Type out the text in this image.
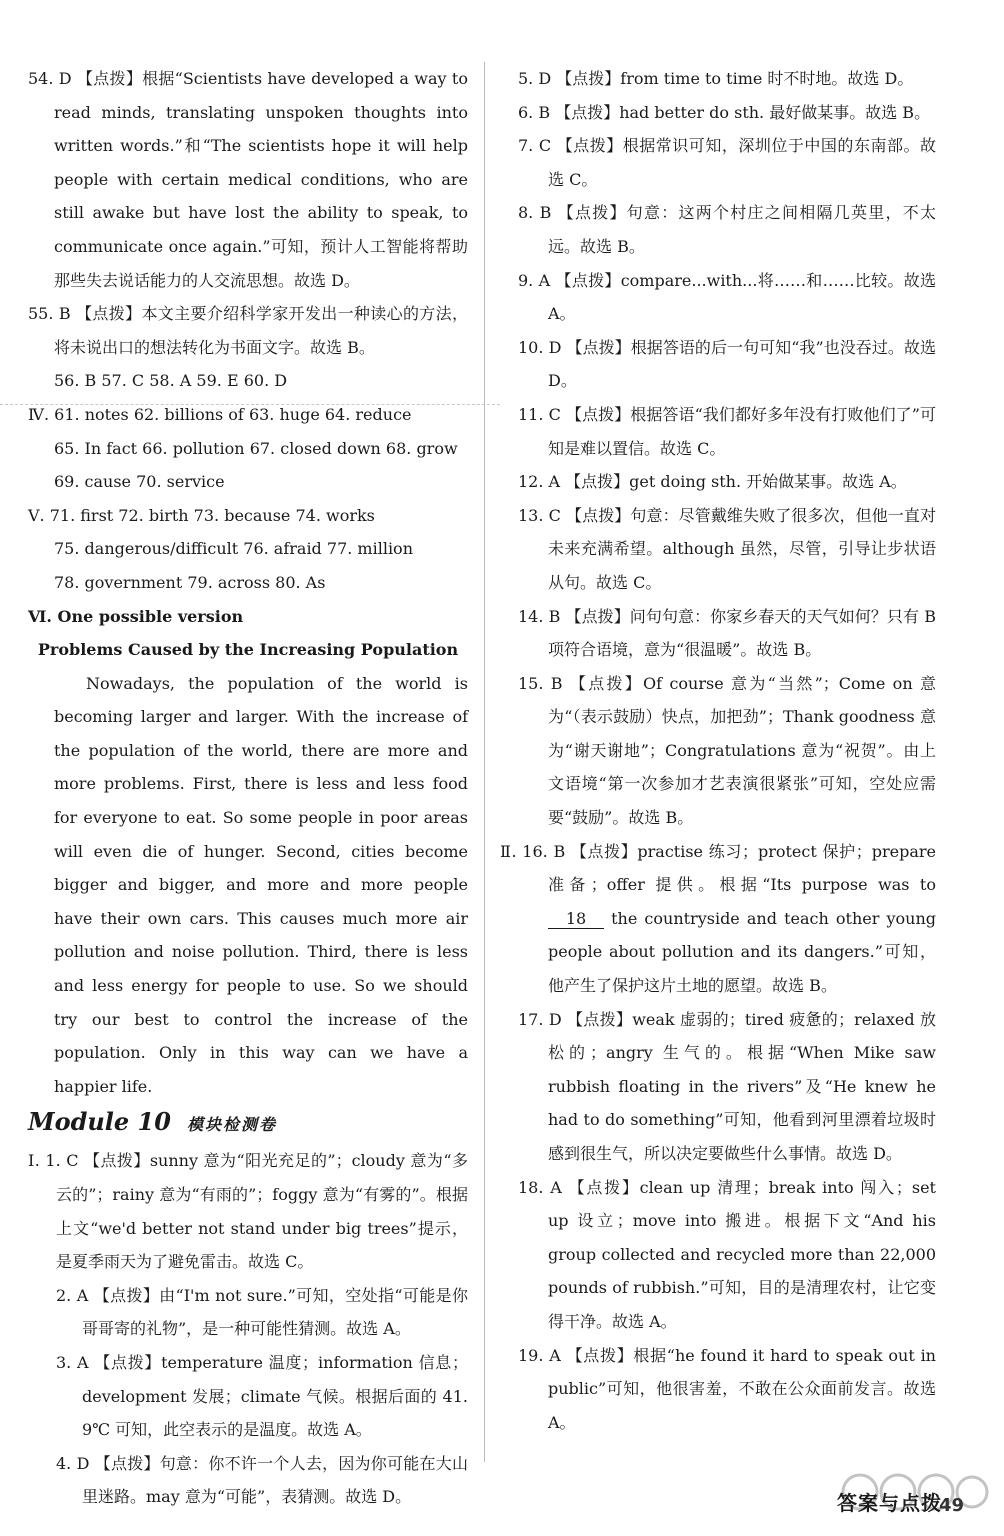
54. D 【点拨】根据“Scientists have developed a way to read minds, translating unspoken thoughts into written words.”和“The scientists hope it will help people with certain medical conditions, who are still awake but have lost the ability to speak, to communicate once again.”可知，预计人工智能将帮助那些失去说话能力的人交流思想。故选 D。

55. B 【点拨】本文主要介绍科学家开发出一种读心的方法，将未说出口的想法转化为书面文字。故选 B。

56. B 57. C 58. A 59. E 60. D

Ⅳ. 61. notes 62. billions of 63. huge 64. reduce

65. In fact 66. pollution 67. closed down 68. grow

69. cause 70. service

Ⅴ. 71. first 72. birth 73. because 74. works

75. dangerous/difficult 76. afraid 77. million

78. government 79. across 80. As

Ⅵ. One possible version

Problems Caused by the Increasing Population

Nowadays, the population of the world is becoming larger and larger. With the increase of the population of the world, there are more and more problems. First, there is less and less food for everyone to eat. So some people in poor areas will even die of hunger. Second, cities become bigger and bigger, and more and more people have their own cars. This causes much more air pollution and noise pollution. Third, there is less and less energy for people to use. So we should try our best to control the increase of the population. Only in this way can we have a happier life.

Module 10 模块检测卷

Ⅰ. 1. C 【点拨】sunny 意为“阳光充足的”；cloudy 意为“多云的”；rainy 意为“有雨的”；foggy 意为“有雾的”。根据上文“we'd better not stand under big trees”提示，是夏季雨天为了避免雷击。故选 C。

2. A 【点拨】由“I'm not sure.”可知，空处指“可能是你哥哥寄的礼物”，是一种可能性猜测。故选 A。

3. A 【点拨】temperature 温度；information 信息；development 发展；climate 气候。根据后面的 41. 9℃ 可知，此空表示的是温度。故选 A。

4. D 【点拨】句意：你不许一个人去，因为你可能在大山里迷路。may 意为“可能”，表猜测。故选 D。

5. D 【点拨】from time to time 时不时地。故选 D。

6. B 【点拨】had better do sth. 最好做某事。故选 B。

7. C 【点拨】根据常识可知，深圳位于中国的东南部。故选 C。

8. B 【点拨】句意：这两个村庄之间相隔几英里，不太远。故选 B。

9. A 【点拨】compare...with...将……和……比较。故选 A。

10. D 【点拨】根据答语的后一句可知“我”也没吞过。故选 D。

11. C 【点拨】根据答语“我们都好多年没有打败他们了”可知是难以置信。故选 C。

12. A 【点拨】get doing sth. 开始做某事。故选 A。

13. C 【点拨】句意：尽管戴维失败了很多次，但他一直对未来充满希望。although 虽然，尽管，引导让步状语从句。故选 C。

14. B 【点拨】问句句意：你家乡春天的天气如何？只有 B 项符合语境，意为“很温暖”。故选 B。

15. B 【点拨】Of course 意为“当然”；Come on 意为“（表示鼓励）快点，加把劲”；Thank goodness 意为“谢天谢地”；Congratulations 意为“祝贺”。由上文语境“第一次参加才艺表演很紧张”可知，空处应需要“鼓励”。故选 B。

Ⅱ. 16. B 【点拨】practise 练习；protect 保护；prepare 准备；offer 提供。根据“Its purpose was to 18 the countryside and teach other young people about pollution and its dangers.”可知，他产生了保护这片土地的愿望。故选 B。

17. D 【点拨】weak 虚弱的；tired 疲惫的；relaxed 放松的；angry 生气的。根据“When Mike saw rubbish floating in the rivers”及“He knew he had to do something”可知，他看到河里漂着垃圾时感到很生气，所以决定要做些什么事情。故选 D。

18. A 【点拨】clean up 清理；break into 闯入；set up 设立；move into 搬进。根据下文“And his group collected and recycled more than 22,000 pounds of rubbish.”可知，目的是清理农村，让它变得干净。故选 A。

19. A 【点拨】根据“he found it hard to speak out in public”可知，他很害羞，不敢在公众面前发言。故选 A。

答案与点拨
49
